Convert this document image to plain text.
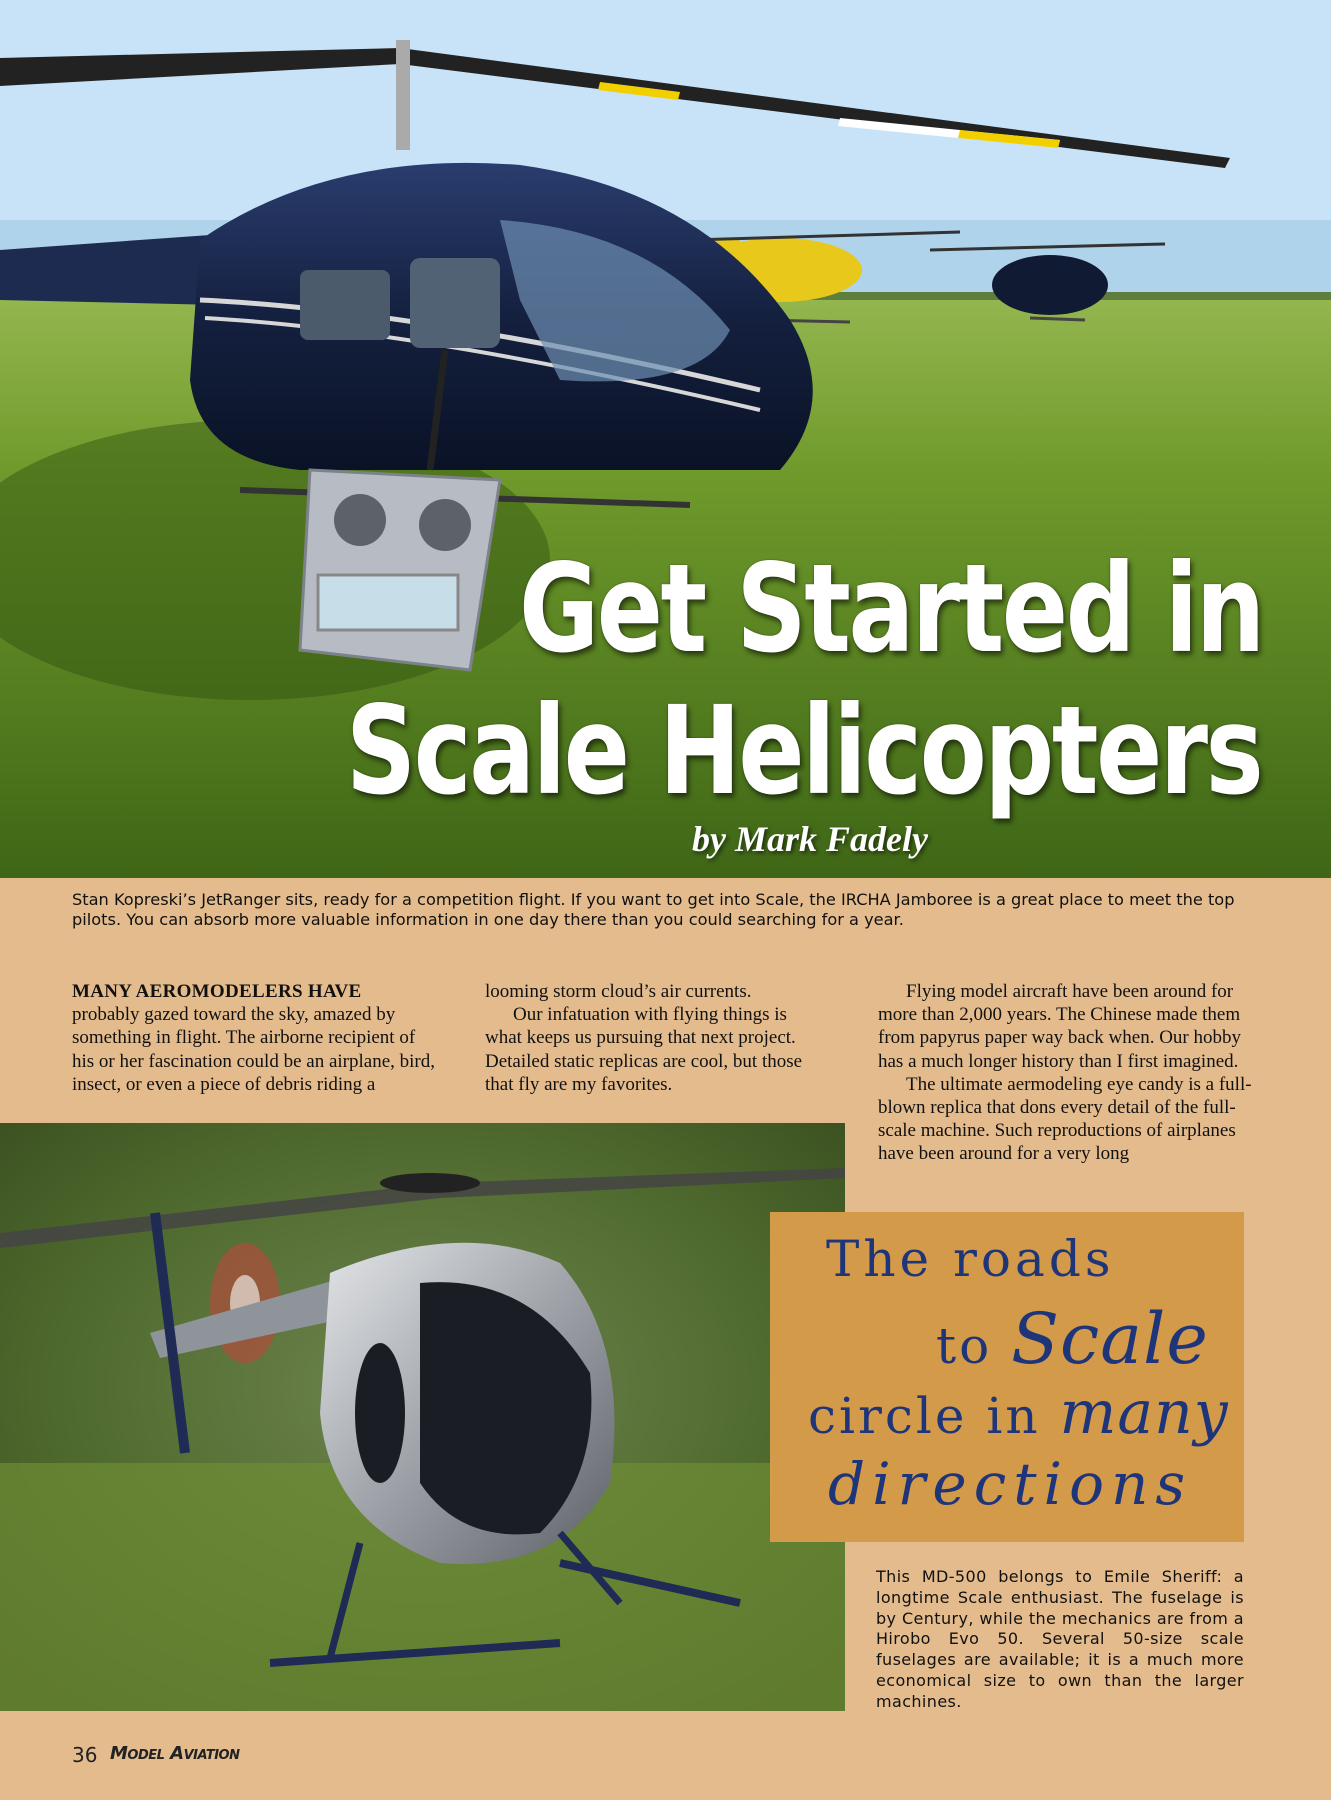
Get Started in
Scale Helicopters
by Mark Fadely
Stan Kopreski’s JetRanger sits, ready for a competition flight. If you want to get into Scale, the IRCHA Jamboree is a great place to meet the top pilots. You can absorb more valuable information in one day there than you could searching for a year.

MANY AEROMODELERS HAVE

probably gazed toward the sky, amazed by something in flight. The airborne recipient of his or her fascination could be an airplane, bird, insect, or even a piece of debris riding a

looming storm cloud’s air currents.

Our infatuation with flying things is what keeps us pursuing that next project. Detailed static replicas are cool, but those that fly are my favorites.

Flying model aircraft have been around for more than 2,000 years. The Chinese made them from papyrus paper way back when. Our hobby has a much longer history than I first imagined.

The ultimate aermodeling eye candy is a full-blown replica that dons every detail of the full-scale machine. Such reproductions of airplanes have been around for a very long

The roads
to Scale
circle in many
directions
This MD-500 belongs to Emile Sheriff: a longtime Scale enthusiast. The fuselage is by Century, while the mechanics are from a Hirobo Evo 50. Several 50-size scale fuselages are available; it is a much more economical size to own than the larger machines.
36 Model Aviation
